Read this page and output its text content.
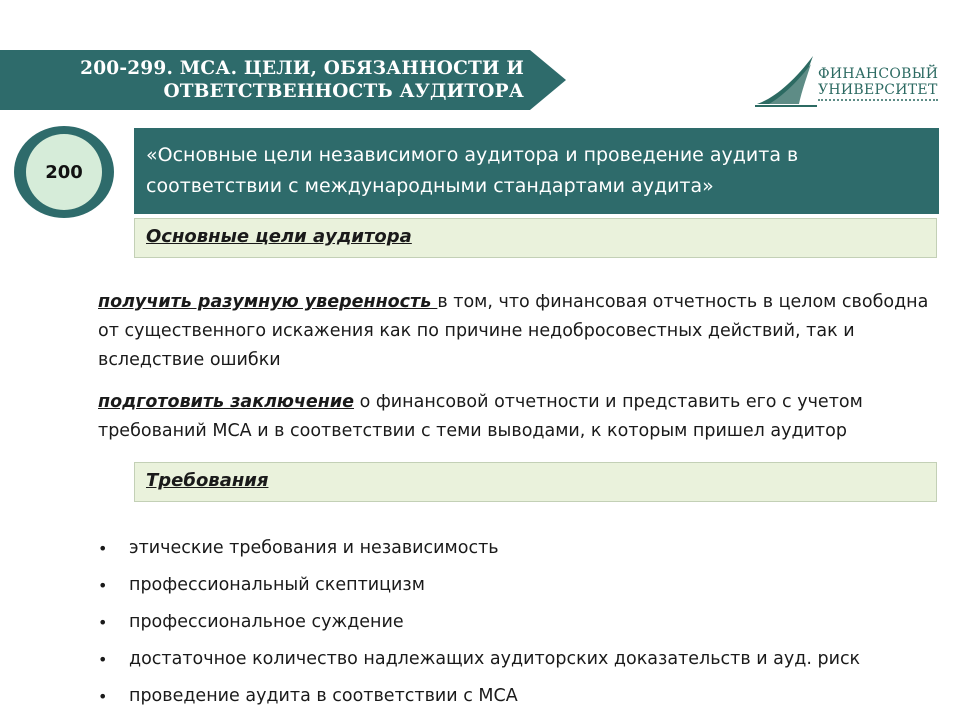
200-299. МСА. ЦЕЛИ, ОБЯЗАННОСТИ И
ОТВЕТСТВЕННОСТЬ АУДИТОРА
ФИНАНСОВЫЙ
УНИВЕРСИТЕТ
200
«Основные цели независимого аудитора и проведение аудита в соответствии с международными стандартами аудита»
Основные цели аудитора
получить разумную уверенность в том, что финансовая отчетность в целом свободна от существенного искажения как по причине недобросовестных действий, так и вследствие ошибки
подготовить заключение о финансовой отчетности и представить его с учетом требований МСА и в соответствии с теми выводами, к которым пришел аудитор
Требования
• этические требования и независимость
• профессиональный скептицизм
• профессиональное суждение
• достаточное количество надлежащих аудиторских доказательств и ауд. риск
• проведение аудита в соответствии с МСА
